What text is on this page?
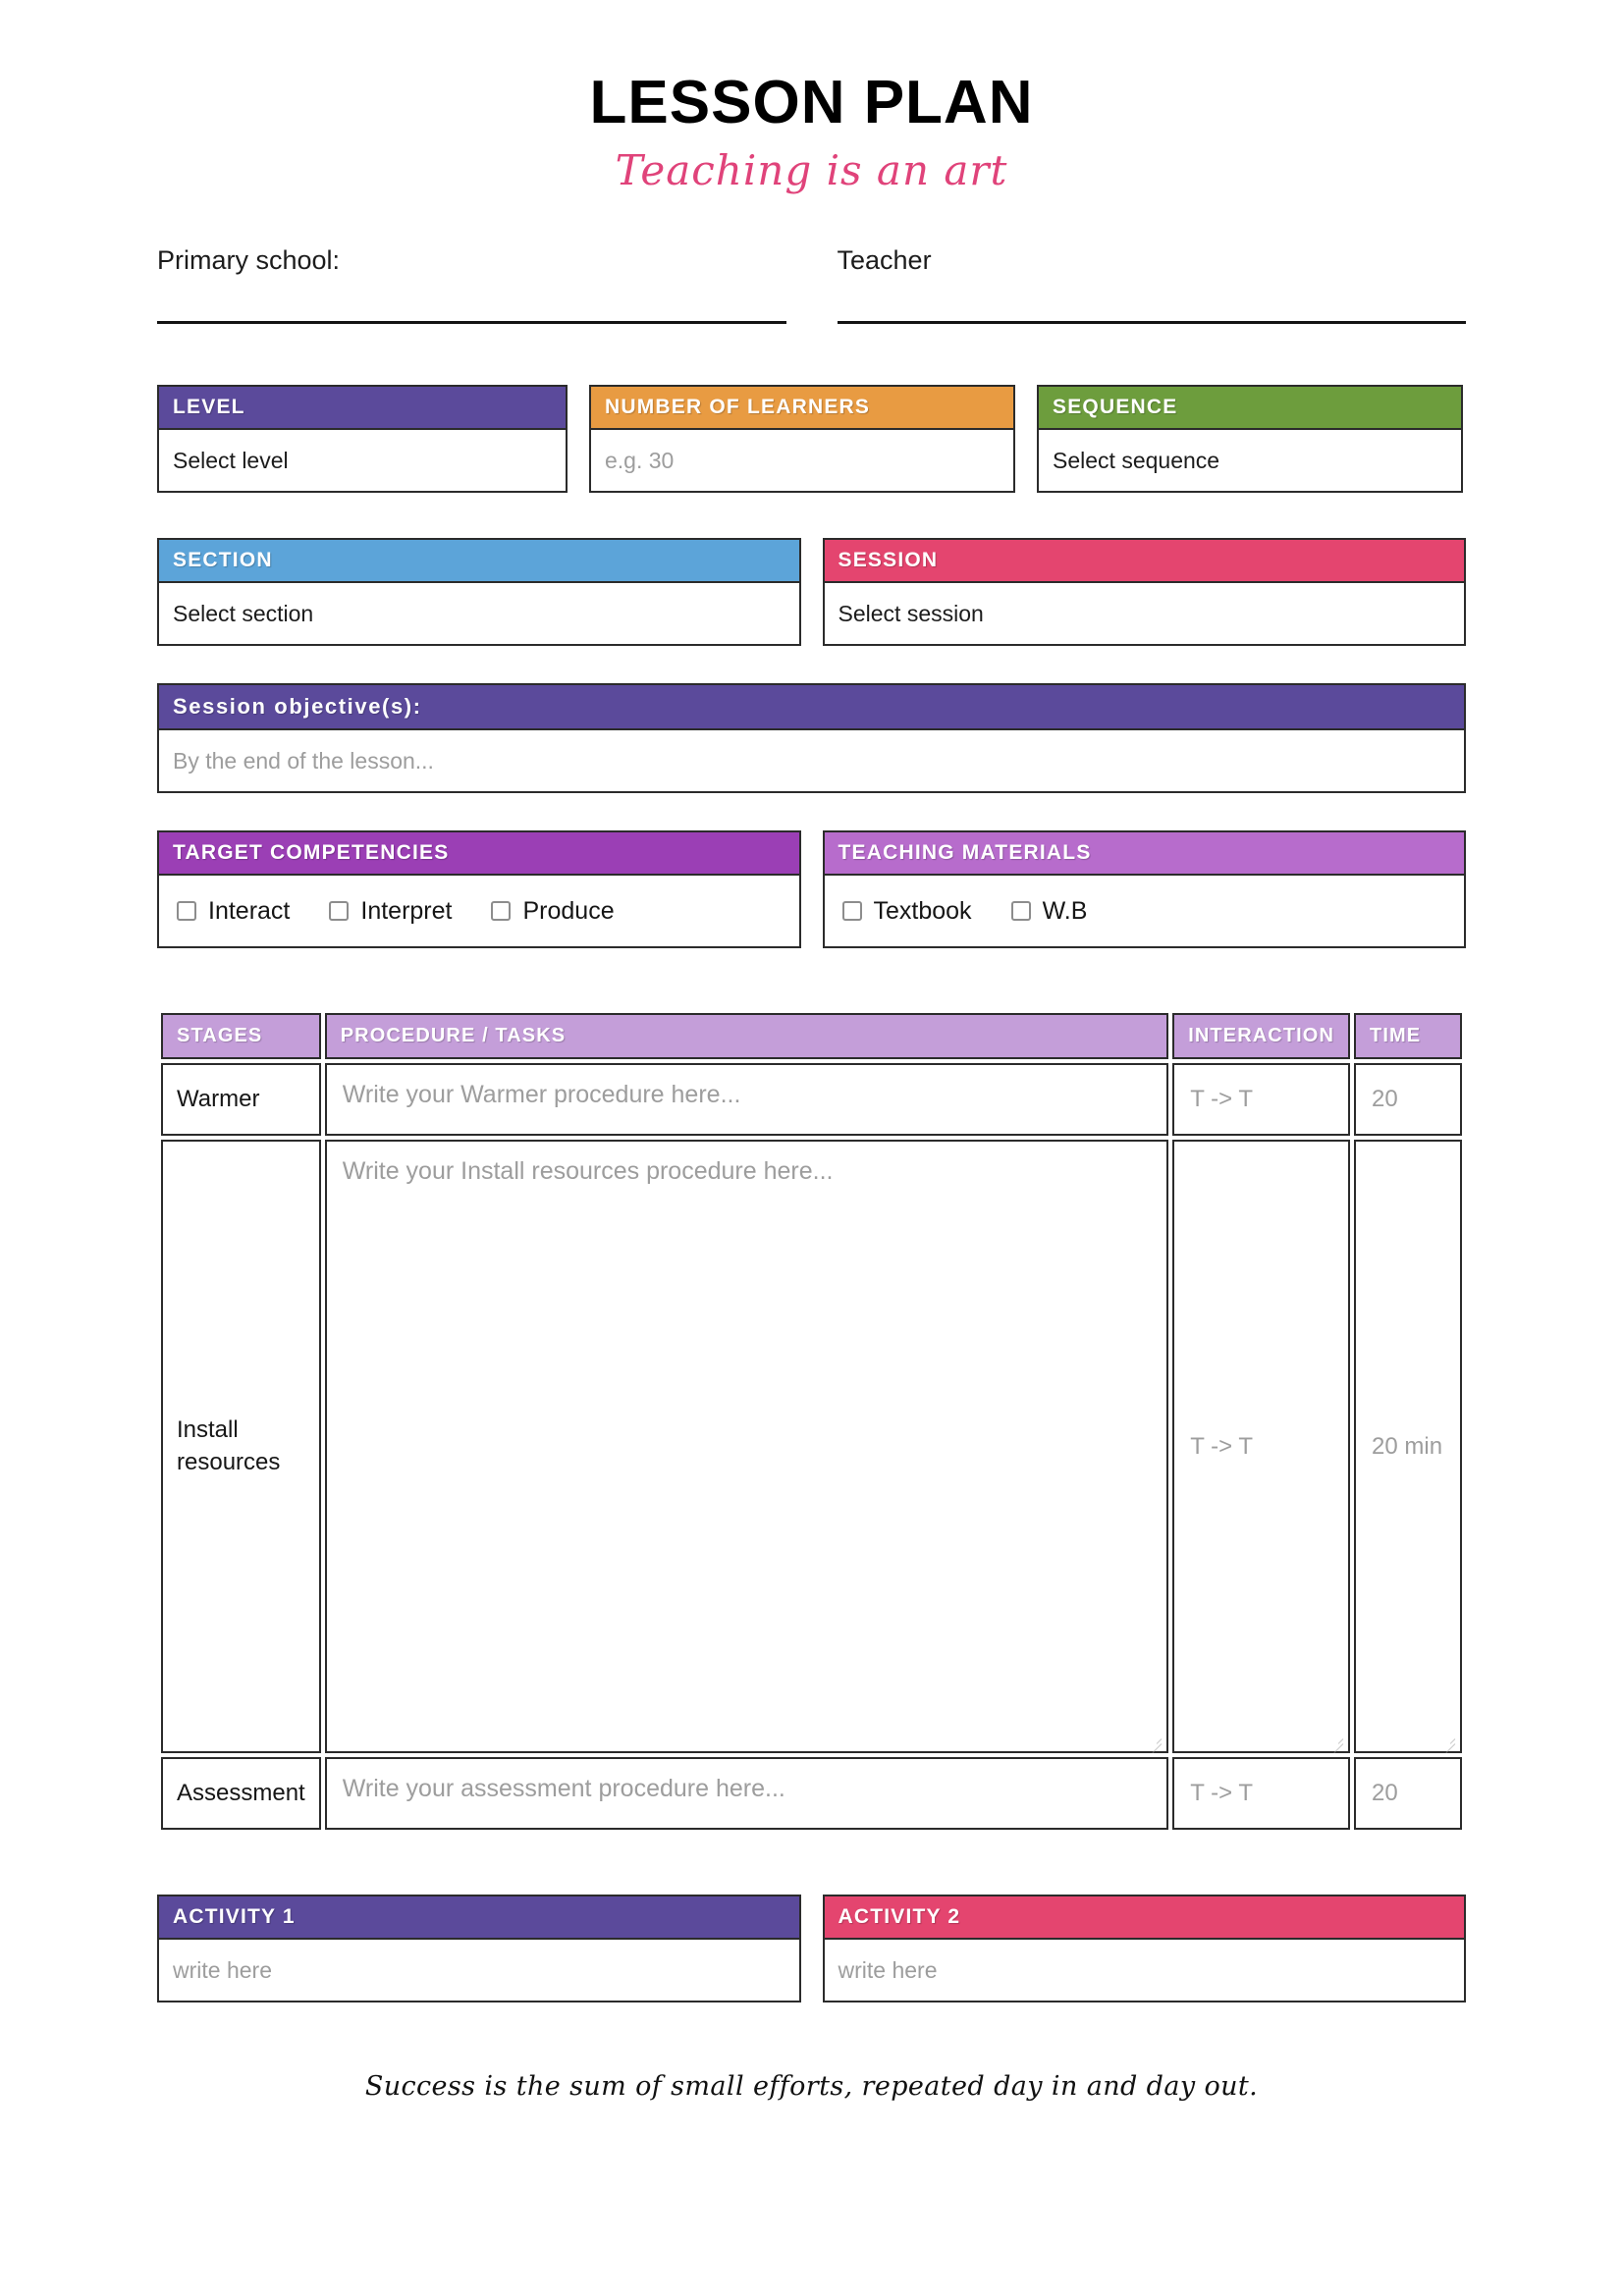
LESSON PLAN
Teaching is an art
Primary school:	Teacher
LEVEL
Select level
NUMBER OF LEARNERS
e.g. 30
SEQUENCE
Select sequence
SECTION
Select section
SESSION
Select session
Session objective(s):
By the end of the lesson...
TARGET COMPETENCIES
Interact	Interpret	Produce
TEACHING MATERIALS
Textbook	W.B
STAGES	PROCEDURE / TASKS	INTERACTION	TIME

Warmer	Write your Warmer procedure here...	T -> T	20

Install resources	Write your Install resources procedure here...	T -> T	20 min

Assessment	Write your assessment procedure here...	T -> T	20
ACTIVITY 1
write here
ACTIVITY 2
write here
Success is the sum of small efforts, repeated day in and day out.
